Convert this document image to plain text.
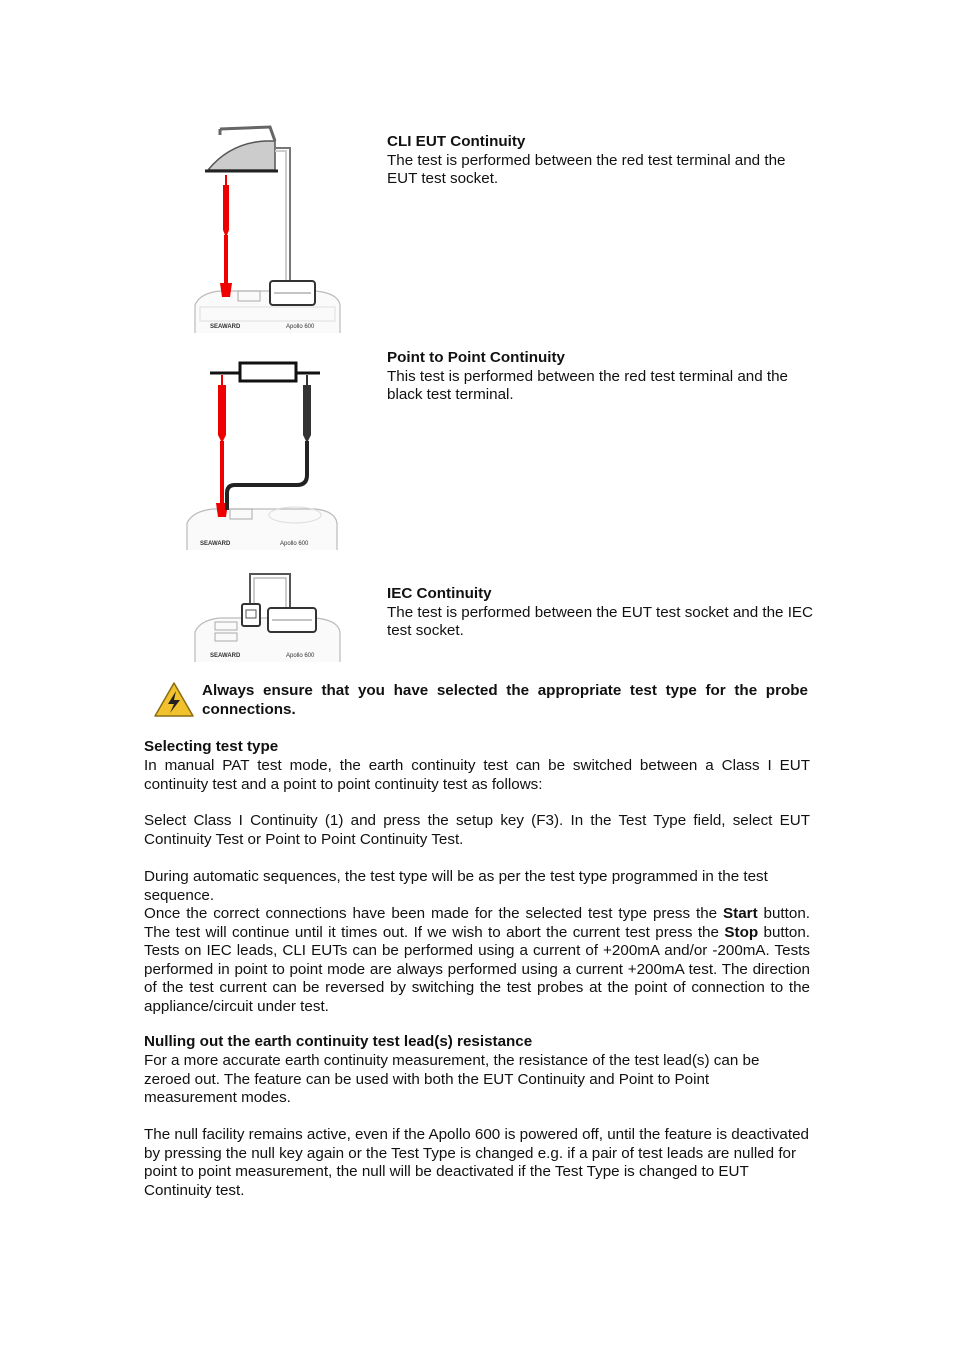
SEAWARD	Apollo 600
CLI EUT Continuity
The test is performed between the red test terminal and the EUT test socket.
SEAWARD	Apollo 600
Point to Point Continuity
This test is performed between the red test terminal and the black test terminal.
SEAWARD	Apollo 600
IEC Continuity
The test is performed between the EUT test socket and the IEC test socket.
Always ensure that you have selected the appropriate test type for the probe connections.
Selecting test type
In manual PAT test mode, the earth continuity test can be switched between a Class I EUT continuity test and a point to point continuity test as follows:
Select Class I Continuity (1) and press the setup key (F3). In the Test Type field, select EUT Continuity Test or Point to Point Continuity Test.
During automatic sequences, the test type will be as per the test type programmed in the test sequence.
Once the correct connections have been made for the selected test type press the Start button. The test will continue until it times out. If we wish to abort the current test press the Stop button. Tests on IEC leads, CLI EUTs can be performed using a current of +200mA and/or -200mA. Tests performed in point to point mode are always performed using a current +200mA test. The direction of the test current can be reversed by switching the test probes at the point of connection to the appliance/circuit under test.
Nulling out the earth continuity test lead(s) resistance
For a more accurate earth continuity measurement, the resistance of the test lead(s) can be zeroed out. The feature can be used with both the EUT Continuity and Point to Point measurement modes.
The null facility remains active, even if the Apollo 600 is powered off, until the feature is deactivated by pressing the null key again or the Test Type is changed e.g. if a pair of test leads are nulled for point to point measurement, the null will be deactivated if the Test Type is changed to EUT Continuity test.
